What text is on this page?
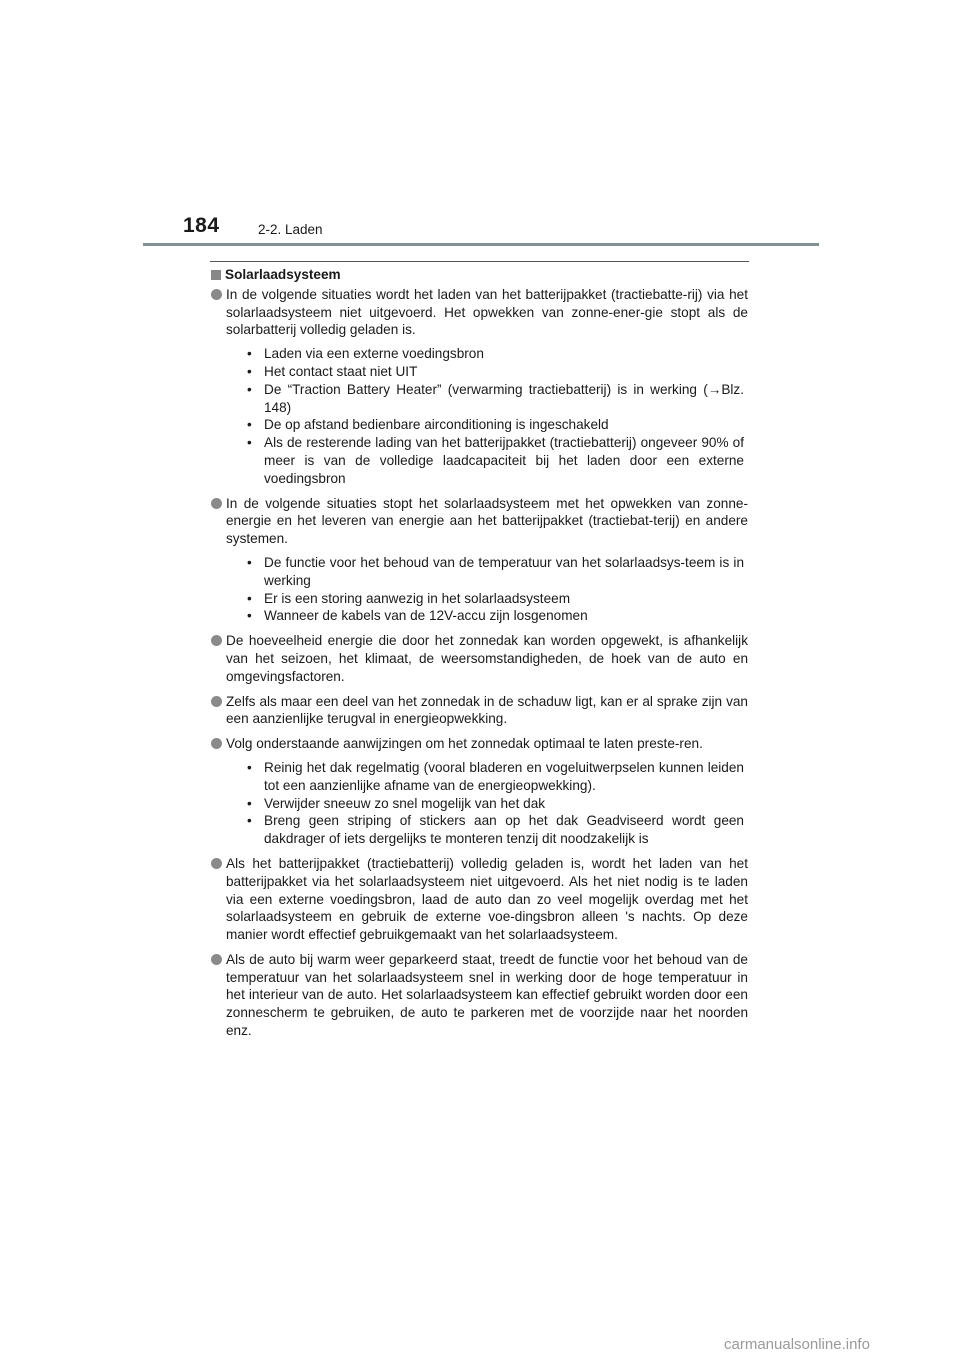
184	2-2. Laden
Solarlaadsysteem
In de volgende situaties wordt het laden van het batterijpakket (tractiebatte-rij) via het solarlaadsysteem niet uitgevoerd. Het opwekken van zonne-ener-gie stopt als de solarbatterij volledig geladen is.
• Laden via een externe voedingsbron
• Het contact staat niet UIT
• De “Traction Battery Heater” (verwarming tractiebatterij) is in werking (→Blz. 148)
• De op afstand bedienbare airconditioning is ingeschakeld
• Als de resterende lading van het batterijpakket (tractiebatterij) ongeveer 90% of meer is van de volledige laadcapaciteit bij het laden door een externe voedingsbron
In de volgende situaties stopt het solarlaadsysteem met het opwekken van zonne-energie en het leveren van energie aan het batterijpakket (tractiebat-terij) en andere systemen.
• De functie voor het behoud van de temperatuur van het solarlaadsys-teem is in werking
• Er is een storing aanwezig in het solarlaadsysteem
• Wanneer de kabels van de 12V-accu zijn losgenomen
De hoeveelheid energie die door het zonnedak kan worden opgewekt, is afhankelijk van het seizoen, het klimaat, de weersomstandigheden, de hoek van de auto en omgevingsfactoren.
Zelfs als maar een deel van het zonnedak in de schaduw ligt, kan er al sprake zijn van een aanzienlijke terugval in energieopwekking.
Volg onderstaande aanwijzingen om het zonnedak optimaal te laten preste-ren.
• Reinig het dak regelmatig (vooral bladeren en vogeluitwerpselen kunnen leiden tot een aanzienlijke afname van de energieopwekking).
• Verwijder sneeuw zo snel mogelijk van het dak
• Breng geen striping of stickers aan op het dak Geadviseerd wordt geen dakdrager of iets dergelijks te monteren tenzij dit noodzakelijk is
Als het batterijpakket (tractiebatterij) volledig geladen is, wordt het laden van het batterijpakket via het solarlaadsysteem niet uitgevoerd. Als het niet nodig is te laden via een externe voedingsbron, laad de auto dan zo veel mogelijk overdag met het solarlaadsysteem en gebruik de externe voe-dingsbron alleen 's nachts. Op deze manier wordt effectief gebruikgemaakt van het solarlaadsysteem.
Als de auto bij warm weer geparkeerd staat, treedt de functie voor het behoud van de temperatuur van het solarlaadsysteem snel in werking door de hoge temperatuur in het interieur van de auto. Het solarlaadsysteem kan effectief gebruikt worden door een zonnescherm te gebruiken, de auto te parkeren met de voorzijde naar het noorden enz.
carmanualsonline.info
